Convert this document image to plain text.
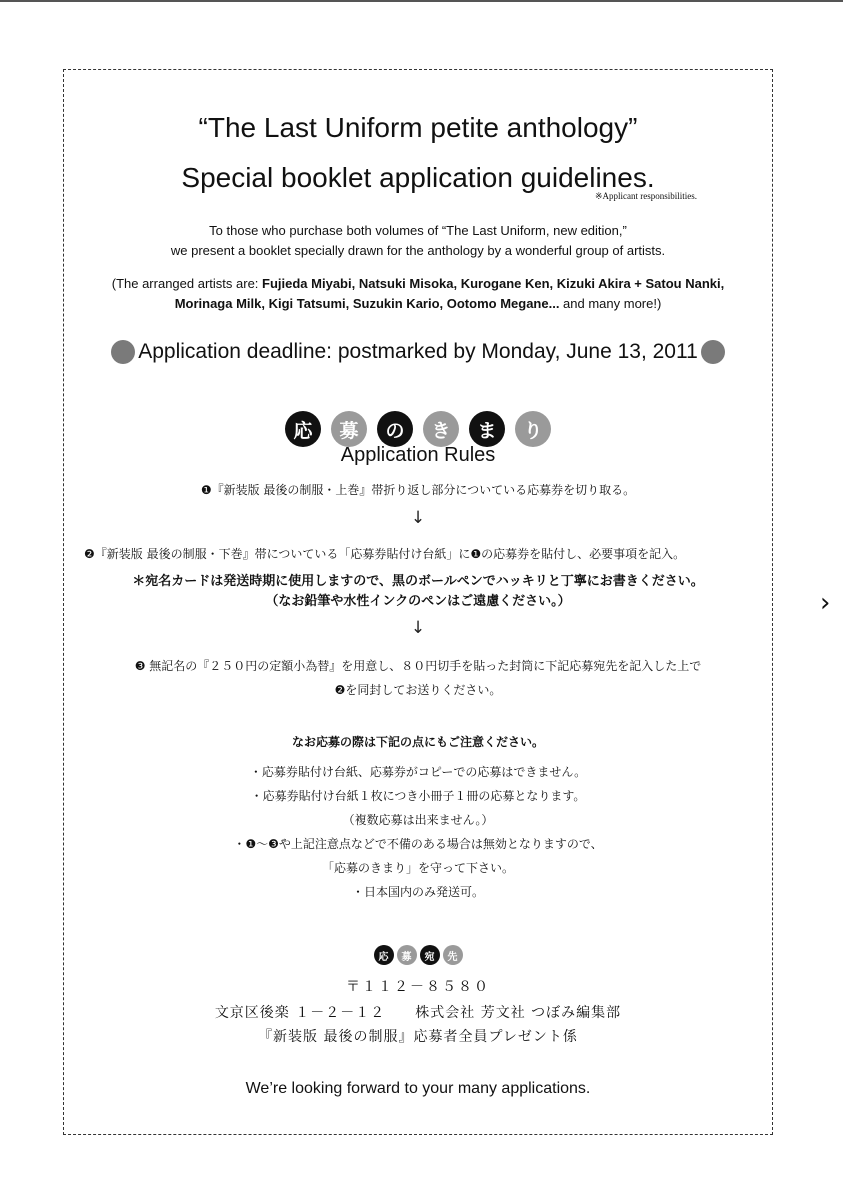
“The Last Uniform petite anthology”
Special booklet application guidelines.
※Applicant responsibilities.
To those who purchase both volumes of “The Last Uniform, new edition,”
we present a booklet specially drawn for the anthology by a wonderful group of artists.
(The arranged artists are: Fujieda Miyabi, Natsuki Misoka, Kurogane Ken, Kizuki Akira + Satou Nanki,
Morinaga Milk, Kigi Tatsumi, Suzukin Kario, Ootomo Megane... and many more!)
Application deadline: postmarked by Monday, June 13, 2011
応	募	の	き	ま	り
Application Rules
❶『新装版 最後の制服・上巻』帯折り返し部分についている応募券を切り取る。
↓
❷『新装版 最後の制服・下巻』帯についている「応募券貼付け台紙」に❶の応募券を貼付し、必要事項を記入。
＊宛名カードは発送時期に使用しますので、黒のボールペンでハッキリと丁寧にお書きください。
（なお鉛筆や水性インクのペンはご遠慮ください。）
↓
❸ 無記名の『２５０円の定額小為替』を用意し、８０円切手を貼った封筒に下記応募宛先を記入した上で
❷を同封してお送りください。
なお応募の際は下記の点にもご注意ください。
・応募券貼付け台紙、応募券がコピーでの応募はできません。
・応募券貼付け台紙１枚につき小冊子１冊の応募となります。
（複数応募は出来ません。）
・❶～❸や上記注意点などで不備のある場合は無効となりますので、
「応募のきまり」を守って下さい。
・日本国内のみ発送可。
応	募	宛	先
〒１１２－８５８０
文京区後楽 １－２－１２　　株式会社 芳文社 つぼみ編集部
『新装版 最後の制服』応募者全員プレゼント係
We’re looking forward to your many applications.
›
